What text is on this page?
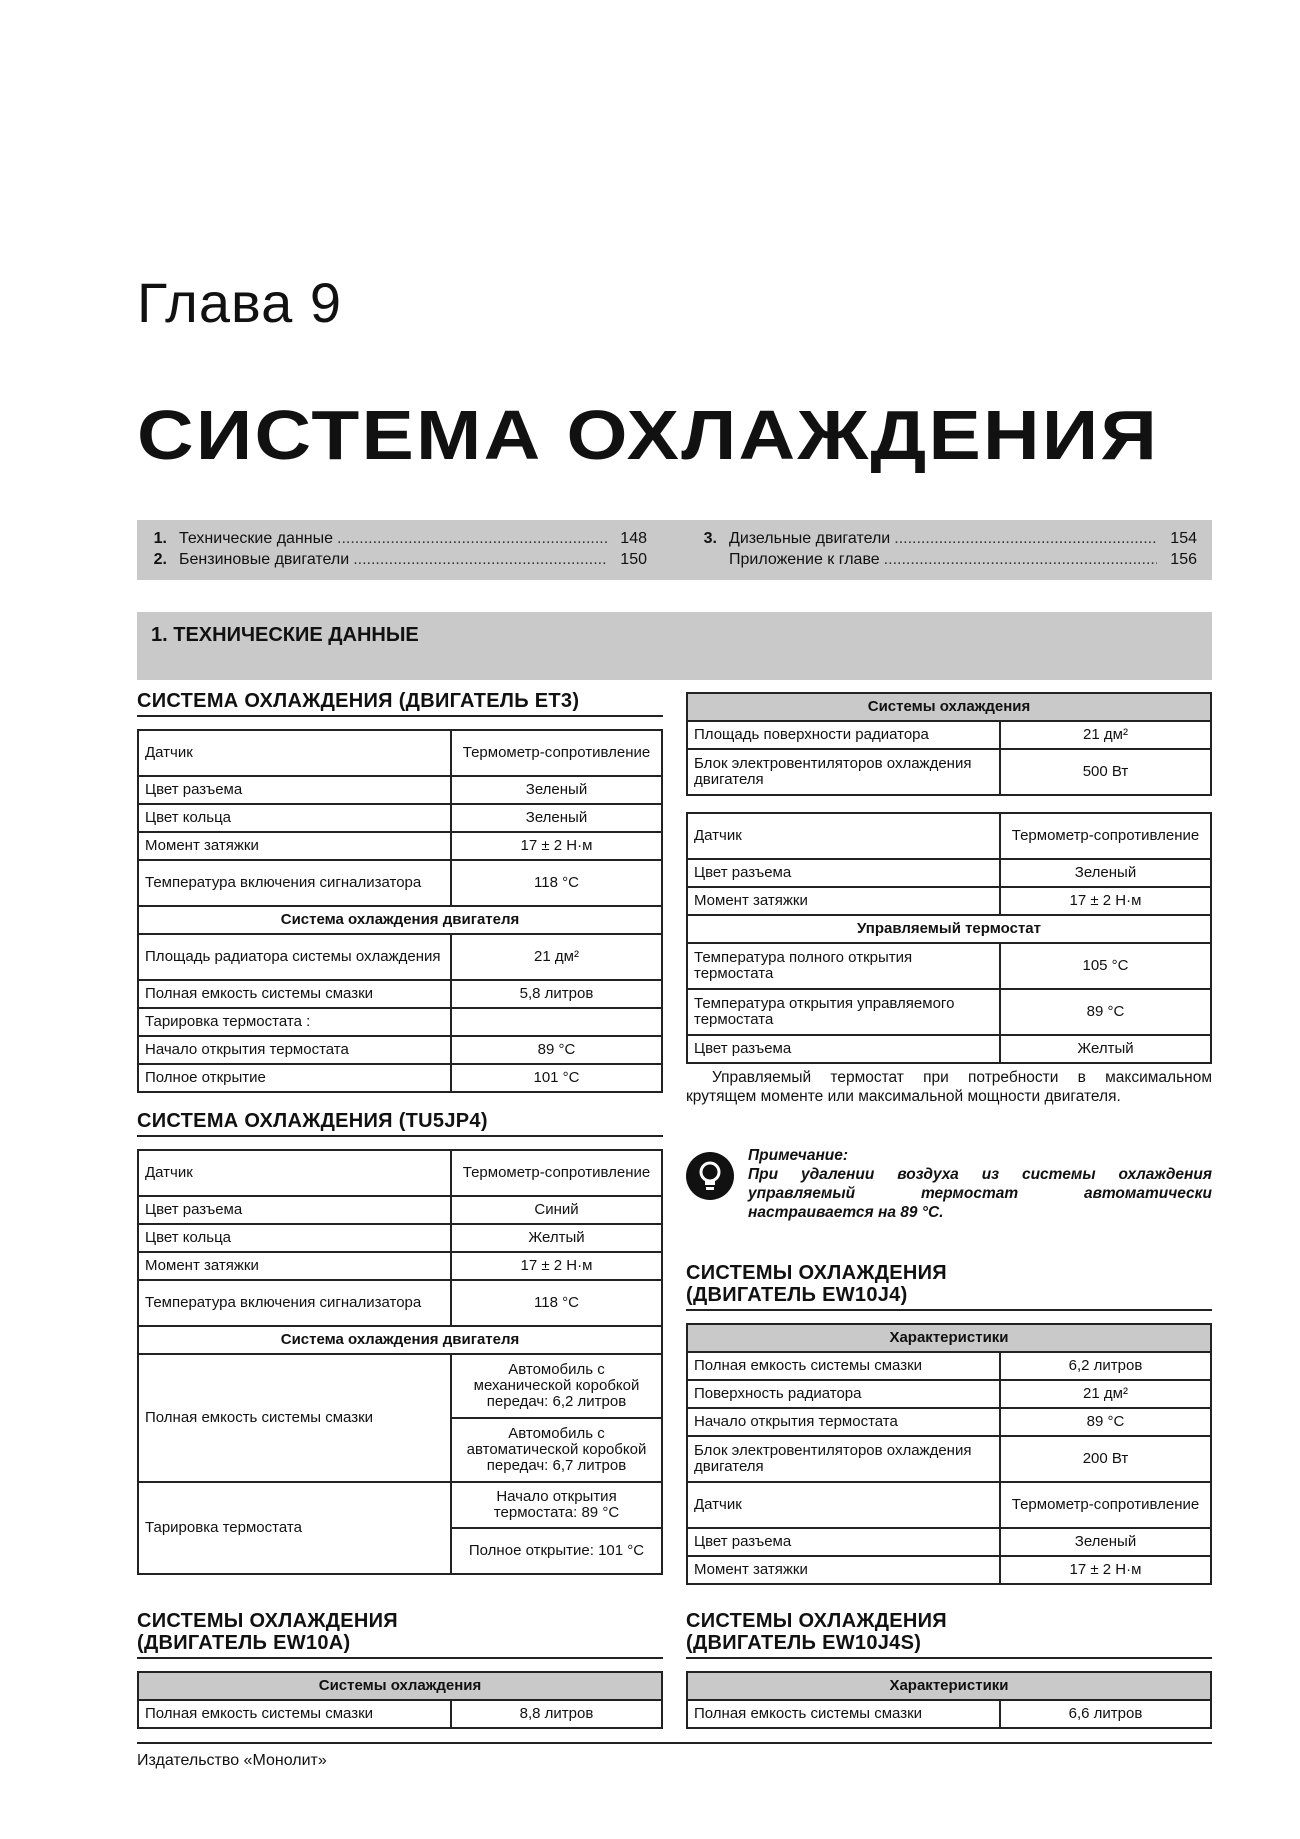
Глава 9
СИСТЕМА ОХЛАЖДЕНИЯ
1. Технические данные .....	148
2. Бензиновые двигатели .....	150
3. Дизельные двигатели .....	154
Приложение к главе .....	156
1. ТЕХНИЧЕСКИЕ ДАННЫЕ
СИСТЕМА ОХЛАЖДЕНИЯ (ДВИГАТЕЛЬ ЕТ3)
Датчик	Термометр-сопротивление
Цвет разъема	Зеленый
Цвет кольца	Зеленый
Момент затяжки	17 ± 2 Н·м
Температура включения сигнализатора	118 °С
Система охлаждения двигателя	
Площадь радиатора системы охлаждения	21 дм²
Полная емкость системы смазки	5,8 литров
Тарировка термостата :	
Начало открытия термостата	89 °С
Полное открытие	101 °С
СИСТЕМА ОХЛАЖДЕНИЯ (TU5JP4)
Датчик	Термометр-сопротивление
Цвет разъема	Синий
Цвет кольца	Желтый
Момент затяжки	17 ± 2 Н·м
Температура включения сигнализатора	118 °С
Система охлаждения двигателя	
Полная емкость системы смазки	Автомобиль с механической коробкой передач: 6,2 литров
	Автомобиль с автоматической коробкой передач: 6,7 литров
Тарировка термостата	Начало открытия термостата: 89 °С
	Полное открытие: 101 °С
СИСТЕМЫ ОХЛАЖДЕНИЯ
(ДВИГАТЕЛЬ EW10A)
Системы охлаждения
Полная емкость системы смазки	8,8 литров
Системы охлаждения	
Площадь поверхности радиатора	21 дм²
Блок электровентиляторов охлаждения двигателя	500 Вт
Датчик	Термометр-сопротивление
Цвет разъема	Зеленый
Момент затяжки	17 ± 2 Н·м
Управляемый термостат	
Температура полного открытия термостата	105 °С
Температура открытия управляемого термостата	89 °С
Цвет разъема	Желтый
Управляемый термостат при потребности в максимальном крутящем моменте или максимальной мощности двигателя.
Примечание:
При удалении воздуха из системы охлаждения управляемый термостат автоматически настраивается на 89 °С.
СИСТЕМЫ ОХЛАЖДЕНИЯ
(ДВИГАТЕЛЬ EW10J4)
Характеристики	
Полная емкость системы смазки	6,2 литров
Поверхность радиатора	21 дм²
Начало открытия термостата	89 °С
Блок электровентиляторов охлаждения двигателя	200 Вт
Датчик	Термометр-сопротивление
Цвет разъема	Зеленый
Момент затяжки	17 ± 2 Н·м
СИСТЕМЫ ОХЛАЖДЕНИЯ
(ДВИГАТЕЛЬ EW10J4S)
Характеристики
Полная емкость системы смазки	6,6 литров
Издательство «Монолит»
